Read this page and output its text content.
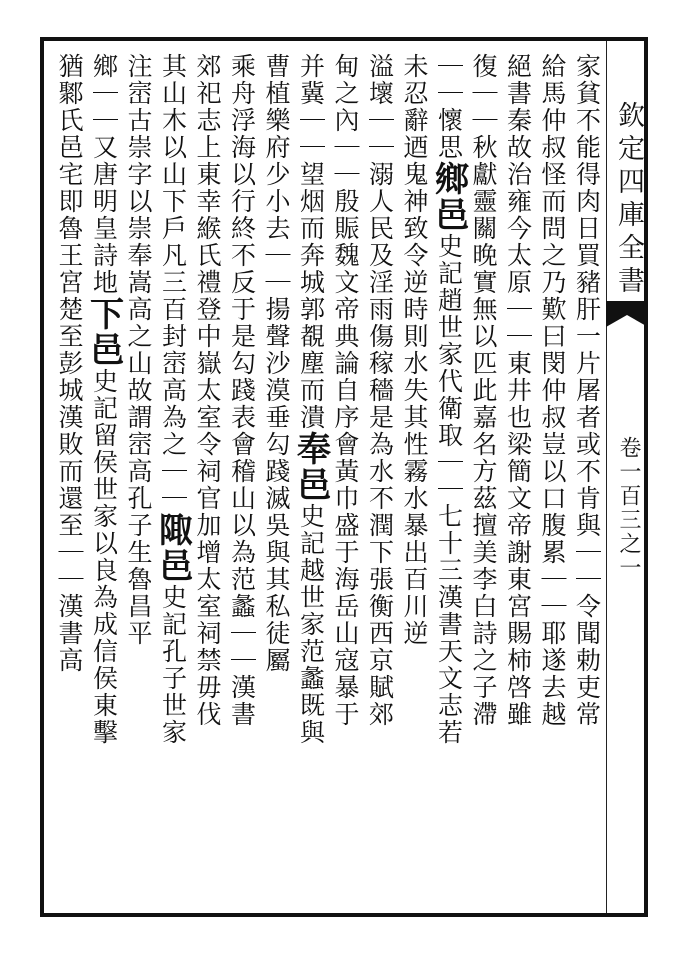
欽定四庫全書
卷一百三之一
家貧不能得肉日買豬肝一片屠者或不肯與｜｜令聞勅吏常
給馬仲叔怪而問之乃歎曰閔仲叔豈以口腹累｜｜耶遂去越
絕書秦故治雍今太原｜｜東井也梁簡文帝謝東宮賜柿啓雖
復｜｜秋獻靈關晚實無以匹此嘉名方茲擅美李白詩之子滯
｜｜懷思鄉邑史記趙世家代衛取｜｜七十三漢書天文志若
未忍辭迺鬼神致令逆時則水失其性霧水暴出百川逆
溢壞｜｜溺人民及淫雨傷稼穡是為水不潤下張衡西京賦郊
甸之內｜｜殷賑魏文帝典論自序會黃巾盛于海岳山寇暴于
并冀｜｜望烟而奔城郭覩塵而潰奉邑史記越世家范蠡既與
曹植樂府少小去｜｜揚聲沙漠垂勾踐滅吳與其私徒屬
乘舟浮海以行終不反于是勾踐表會稽山以為范蠡｜｜漢書
郊祀志上東幸緱氏禮登中嶽太室令祠官加增太室祠禁毋伐
其山木以山下戶凡三百封崈高為之｜｜陬邑史記孔子世家
注崈古崇字以崇奉嵩高之山故謂崈高孔子生魯昌平
鄉｜｜又唐明皇詩地下邑史記留侯世家以良為成信侯東擊
猶鄹氏邑宅即魯王宮楚至彭城漢敗而還至｜｜漢書高
